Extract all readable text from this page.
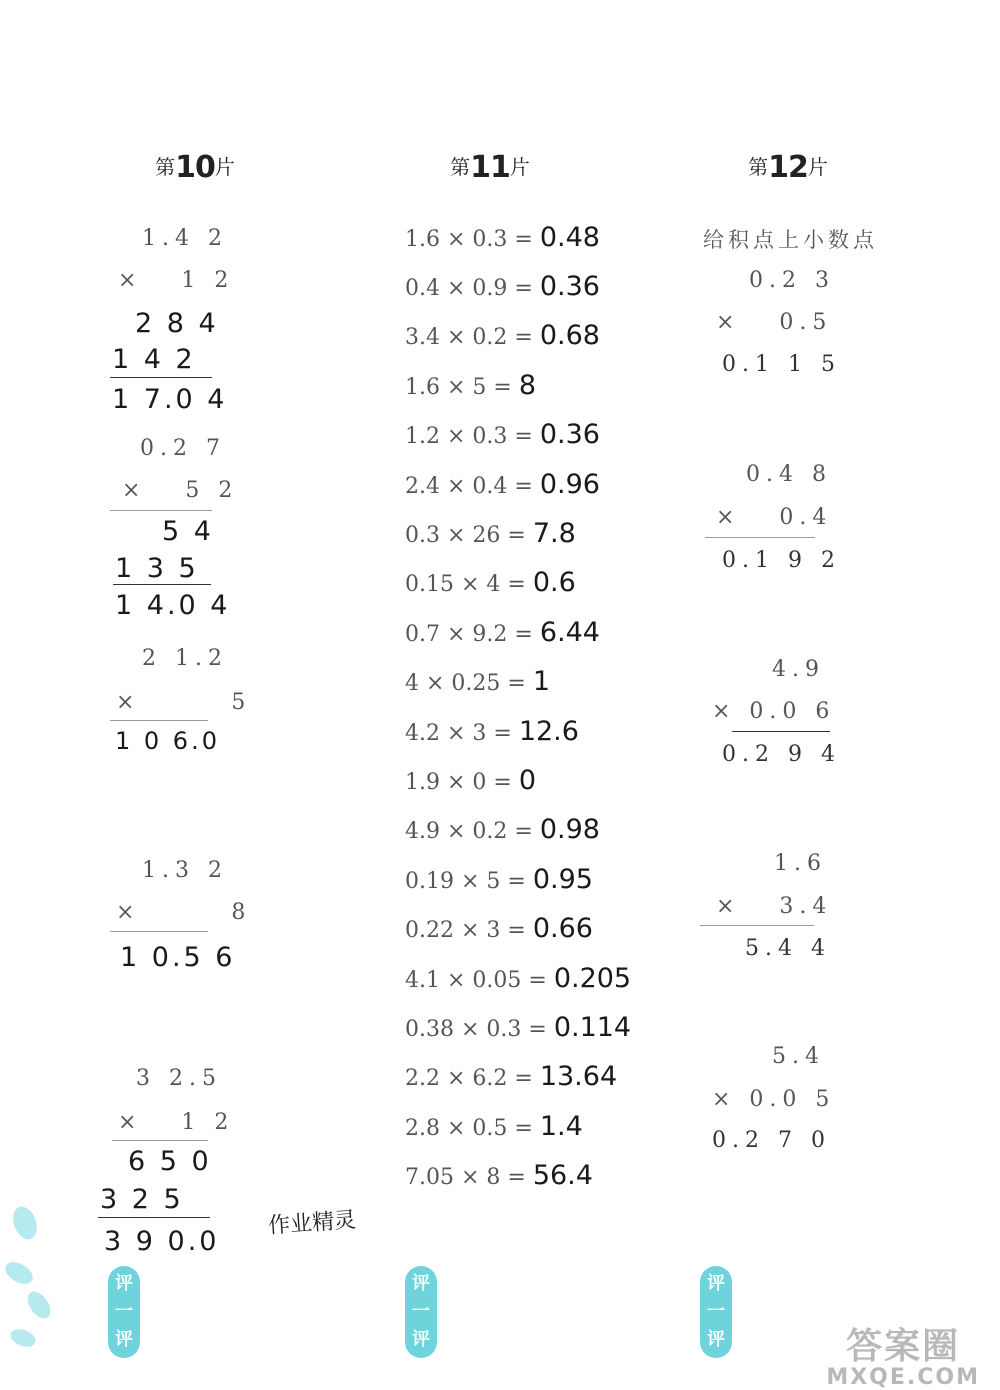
第10片	第11片	第12片
1.4 2
×   1 2
2 8 4
1 4 2
1 7.0 4
0.2 7
×   5 2
5 4
1 3 5
1 4.0 4
2 1.2
×       5
1 0 6.0
1.3 2
×       8
1 0.5 6
3 2.5
×   1 2
6 5 0
3 2 5
3 9 0.0
1.6 × 0.3 = 0.48
0.4 × 0.9 = 0.36
3.4 × 0.2 = 0.68
1.6 × 5 = 8
1.2 × 0.3 = 0.36
2.4 × 0.4 = 0.96
0.3 × 26 = 7.8
0.15 × 4 = 0.6
0.7 × 9.2 = 6.44
4 × 0.25 = 1
4.2 × 3 = 12.6
1.9 × 0 = 0
4.9 × 0.2 = 0.98
0.19 × 5 = 0.95
0.22 × 3 = 0.66
4.1 × 0.05 = 0.205
0.38 × 0.3 = 0.114
2.2 × 6.2 = 13.64
2.8 × 0.5 = 1.4
7.05 × 8 = 56.4
给积点上小数点
0.2 3
×   0.5
0.1 1 5
0.4 8
×   0.4
0.1 9 2
4.9
× 0.0 6
0.2 9 4
1.6
×   3.4
5.4 4
5.4
× 0.0 5
0.2 7 0
作业精灵
评一评
评一评
评一评	答案圈
MXQE.COM
